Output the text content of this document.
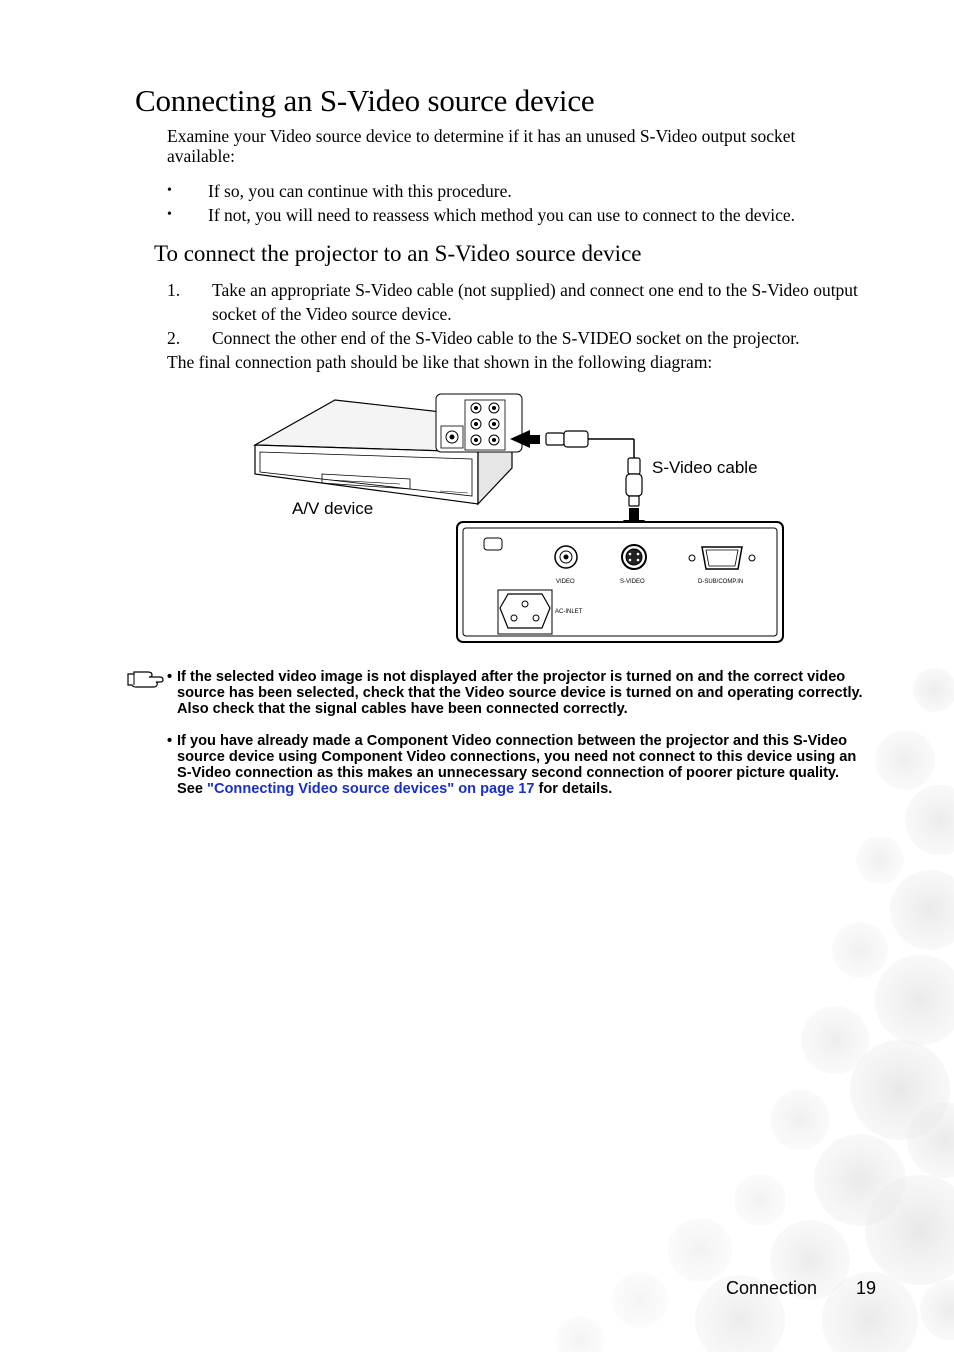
Connecting an S-Video source device

Examine your Video source device to determine if it has an unused S-Video output socket available:

• If so, you can continue with this procedure.
• If not, you will need to reassess which method you can use to connect to the device.
To connect the projector to an S-Video source device
1. Take an appropriate S-Video cable (not supplied) and connect one end to the S-Video output socket of the Video source device.
2. Connect the other end of the S-Video cable to the S-VIDEO socket on the projector.

The final connection path should be like that shown in the following diagram:

VIDEO	S-VIDEO	D-SUB/COMP.IN
AC-INLET
S-Video cable
A/V device
• If the selected video image is not displayed after the projector is turned on and the correct video source has been selected, check that the Video source device is turned on and operating correctly. Also check that the signal cables have been connected correctly.
• If you have already made a Component Video connection between the projector and this S-Video source device using Component Video connections, you need not connect to this device using an S-Video connection as this makes an unnecessary second connection of poorer picture quality. See "Connecting Video source devices" on page 17 for details.
Connection 19
